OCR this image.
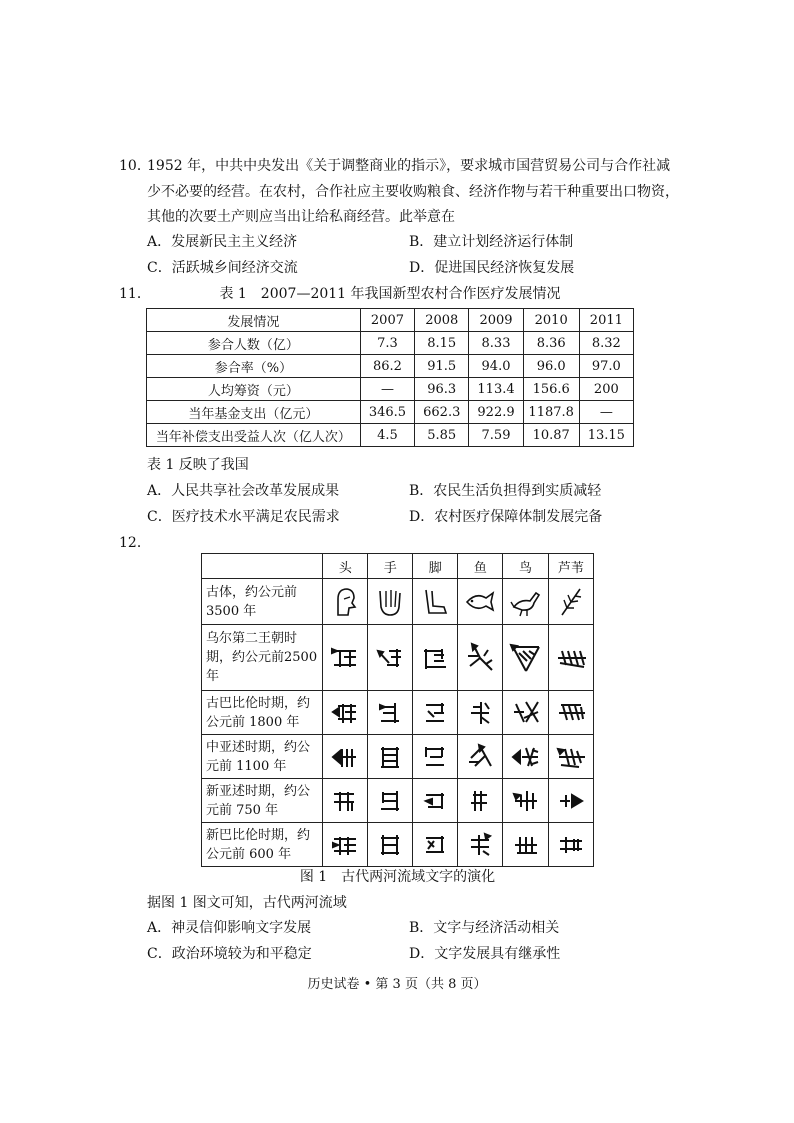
10．
1952 年，中共中央发出《关于调整商业的指示》，要求城市国营贸易公司与合作社减
少不必要的经营。在农村，合作社应主要收购粮食、经济作物与若干种重要出口物资，
其他的次要土产则应当出让给私商经营。此举意在
A．发展新民主主义经济	B．建立计划经济运行体制
C．活跃城乡间经济交流	D．促进国民经济恢复发展
11．	表 1　2007—2011 年我国新型农村合作医疗发展情况
发展情况	2007	2008	2009	2010	2011
参合人数（亿）	7.3	8.15	8.33	8.36	8.32
参合率（%）	86.2	91.5	94.0	96.0	97.0
人均筹资（元）	—	96.3	113.4	156.6	200
当年基金支出（亿元）	346.5	662.3	922.9	1187.8	—
当年补偿支出受益人次（亿人次）	4.5	5.85	7.59	10.87	13.15
表 1 反映了我国
A．人民共享社会改革发展成果	B．农民生活负担得到实质减轻
C．医疗技术水平满足农民需求	D．农村医疗保障体制发展完备
12．
	头	手	脚	鱼	鸟	芦苇
古体，约公元前3500 年	

乌尔第二王朝时期，约公元前2500 年	

古巴比伦时期，约公元前 1800 年	

中亚述时期，约公元前 1100 年	

新亚述时期，约公元前 750 年	

新巴比伦时期，约公元前 600 年	

图 1　古代两河流域文字的演化
据图 1 图文可知，古代两河流域
A．神灵信仰影响文字发展	B．文字与经济活动相关
C．政治环境较为和平稳定	D．文字发展具有继承性
历史试卷 • 第 3 页（共 8 页）
